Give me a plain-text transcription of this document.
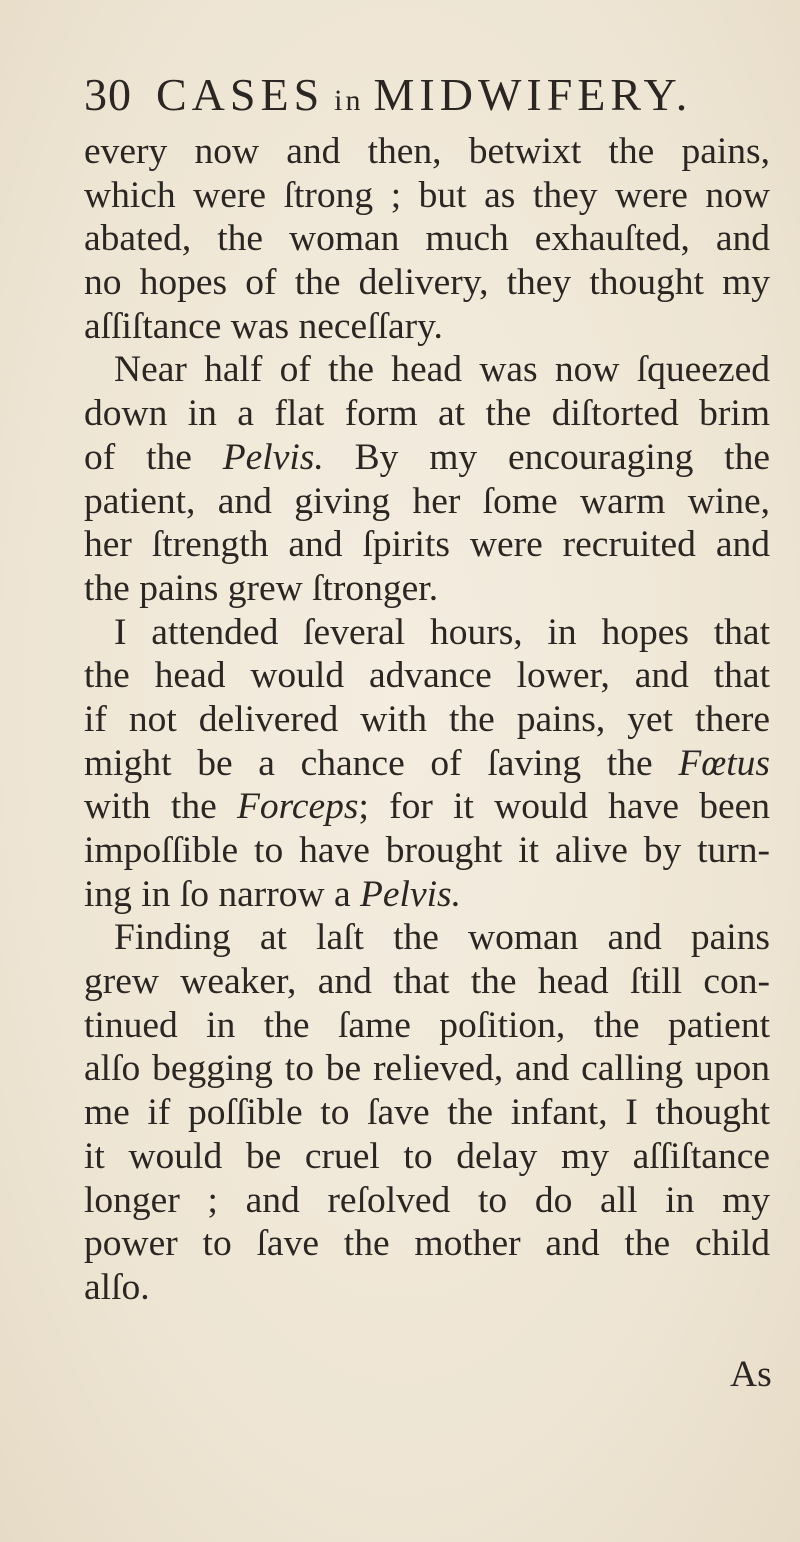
30 CASES in MIDWIFERY.
every now and then, betwixt the pains,
which were ſtrong ; but as they were now
abated, the woman much exhauſted, and
no hopes of the delivery, they thought my
aſſiſtance was neceſſary.
Near half of the head was now ſqueezed
down in a flat form at the diſtorted brim
of the Pelvis. By my encouraging the
patient, and giving her ſome warm wine,
her ſtrength and ſpirits were recruited and
the pains grew ſtronger.
I attended ſeveral hours, in hopes that
the head would advance lower, and that
if not delivered with the pains, yet there
might be a chance of ſaving the Fœtus
with the Forceps; for it would have been
impoſſible to have brought it alive by turn-
ing in ſo narrow a Pelvis.
Finding at laſt the woman and pains
grew weaker, and that the head ſtill con-
tinued in the ſame poſition, the patient
alſo begging to be relieved, and calling upon
me if poſſible to ſave the infant, I thought
it would be cruel to delay my aſſiſtance
longer ; and reſolved to do all in my
power to ſave the mother and the child
alſo.
As
